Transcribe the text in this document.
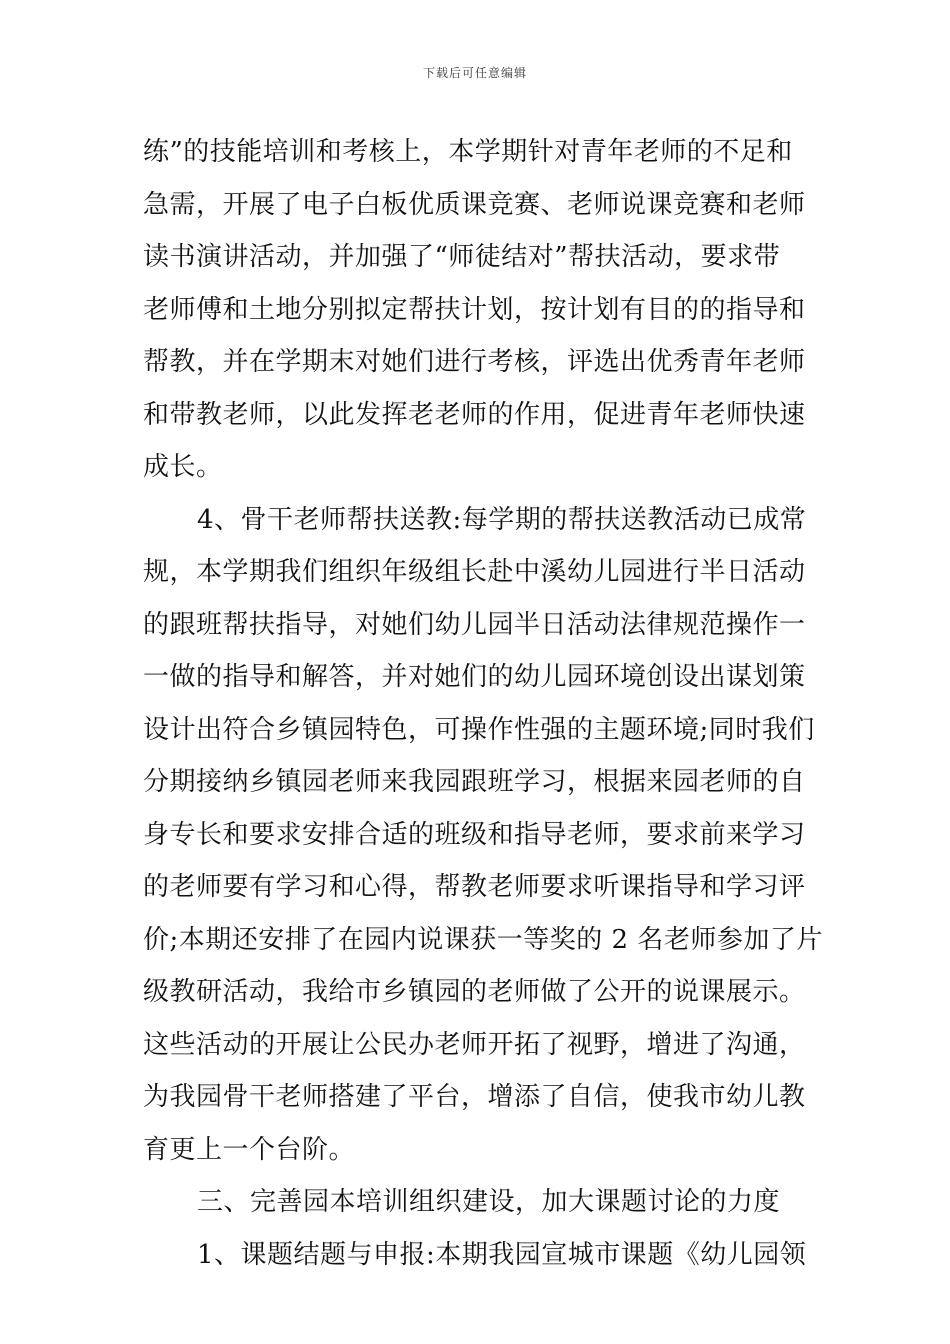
下载后可任意编辑
练”的技能培训和考核上，本学期针对青年老师的不足和
急需，开展了电子白板优质课竞赛、老师说课竞赛和老师
读书演讲活动，并加强了“师徒结对”帮扶活动，要求带
老师傅和土地分别拟定帮扶计划，按计划有目的的指导和
帮教，并在学期末对她们进行考核，评选出优秀青年老师
和带教老师，以此发挥老老师的作用，促进青年老师快速
成长。
4、骨干老师帮扶送教:每学期的帮扶送教活动已成常
规，本学期我们组织年级组长赴中溪幼儿园进行半日活动
的跟班帮扶指导，对她们幼儿园半日活动法律规范操作一
一做的指导和解答，并对她们的幼儿园环境创设出谋划策
设计出符合乡镇园特色，可操作性强的主题环境;同时我们
分期接纳乡镇园老师来我园跟班学习，根据来园老师的自
身专长和要求安排合适的班级和指导老师，要求前来学习
的老师要有学习和心得，帮教老师要求听课指导和学习评
价;本期还安排了在园内说课获一等奖的 2 名老师参加了片
级教研活动，我给市乡镇园的老师做了公开的说课展示。
这些活动的开展让公民办老师开拓了视野，增进了沟通，
为我园骨干老师搭建了平台，增添了自信，使我市幼儿教
育更上一个台阶。
三、完善园本培训组织建设，加大课题讨论的力度
1、课题结题与申报:本期我园宣城市课题《幼儿园领
